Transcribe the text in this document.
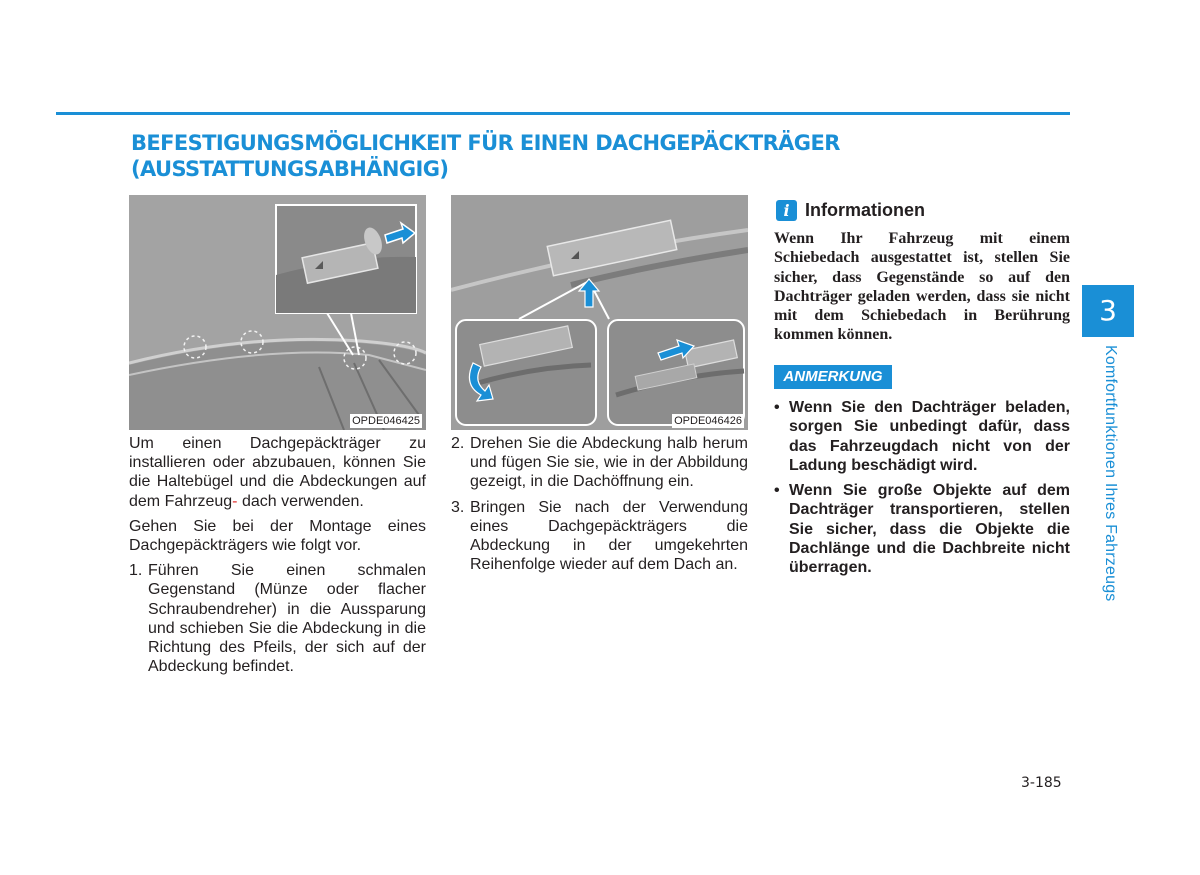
BEFESTIGUNGSMÖGLICHKEIT FÜR EINEN DACHGEPÄCKTRÄGER
(AUSSTATTUNGSABHÄNGIG)
OPDE046425	OPDE046426

Um einen Dachgepäckträger zu installieren oder abzubauen, können Sie die Haltebügel und die Abdeckungen auf dem Fahrzeug- dach verwenden.

Gehen Sie bei der Montage eines Dachgepäckträgers wie folgt vor.

1. Führen Sie einen schmalen Gegenstand (Münze oder flacher Schraubendreher) in die Aussparung und schieben Sie die Abdeckung in die Richtung des Pfeils, der sich auf der Abdeckung befindet.
2. Drehen Sie die Abdeckung halb herum und fügen Sie sie, wie in der Abbildung gezeigt, in die Dachöffnung ein.
3. Bringen Sie nach der Verwendung eines Dachgepäckträgers die Abdeckung in der umgekehrten Reihenfolge wieder auf dem Dach an.
i Informationen
Wenn Ihr Fahrzeug mit einem Schiebedach ausgestattet ist, stellen Sie sicher, dass Gegenstände so auf den Dachträger geladen werden, dass sie nicht mit dem Schiebedach in Berührung kommen können.
ANMERKUNG
• Wenn Sie den Dachträger beladen, sorgen Sie unbedingt dafür, dass das Fahrzeugdach nicht von der Ladung beschädigt wird.
• Wenn Sie große Objekte auf dem Dachträger transportieren, stellen Sie sicher, dass die Objekte die Dachlänge und die Dachbreite nicht überragen.
3
Komfortfunktionen Ihres Fahrzeugs
3-185
